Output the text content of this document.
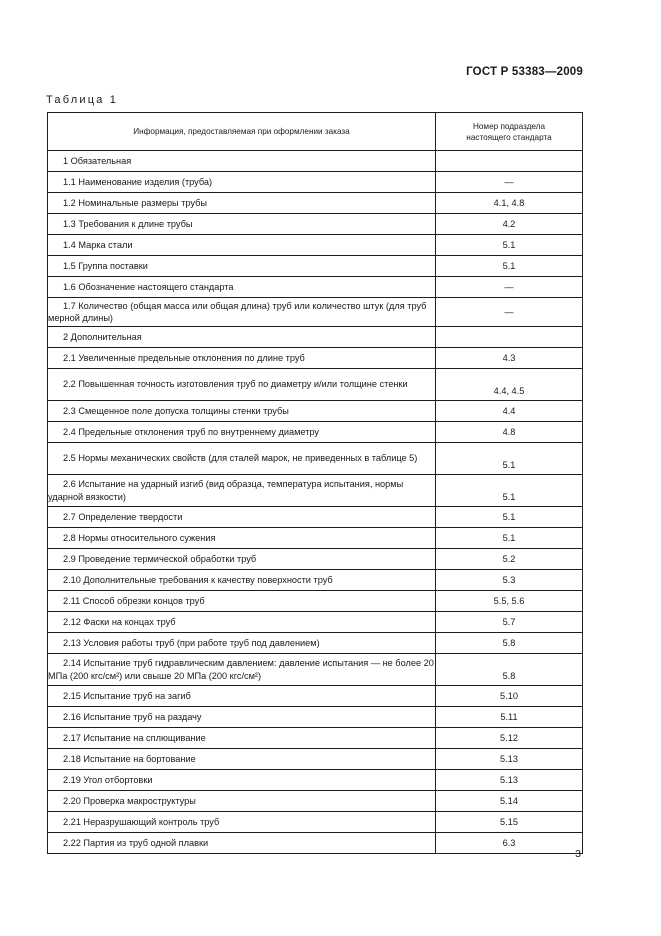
ГОСТ Р 53383—2009
Таблица 1
Информация, предоставляемая при оформлении заказа	Номер подраздела настоящего стандарта
1 Обязательная	
1.1 Наименование изделия (труба)	—
1.2 Номинальные размеры трубы	4.1, 4.8
1.3 Требования к длине трубы	4.2
1.4 Марка стали	5.1
1.5 Группа поставки	5.1
1.6 Обозначение настоящего стандарта	—
1.7 Количество (общая масса или общая длина) труб или количество штук (для труб мерной длины)	—
2 Дополнительная	
2.1 Увеличенные предельные отклонения по длине труб	4.3
2.2 Повышенная точность изготовления труб по диаметру и/или толщине стенки	4.4, 4.5
2.3 Смещенное поле допуска толщины стенки трубы	4.4
2.4 Предельные отклонения труб по внутреннему диаметру	4.8
2.5 Нормы механических свойств (для сталей марок, не приведенных в таблице 5)	5.1
2.6 Испытание на ударный изгиб (вид образца, температура испытания, нормы ударной вязкости)	5.1
2.7 Определение твердости	5.1
2.8 Нормы относительного сужения	5.1
2.9 Проведение термической обработки труб	5.2
2.10 Дополнительные требования к качеству поверхности труб	5.3
2.11 Способ обрезки концов труб	5.5, 5.6
2.12 Фаски на концах труб	5.7
2.13 Условия работы труб (при работе труб под давлением)	5.8
2.14 Испытание труб гидравлическим давлением: давление испытания — не более 20 МПа (200 кгс/см²) или свыше 20 МПа (200 кгс/см²)	5.8
2.15 Испытание труб на загиб	5.10
2.16 Испытание труб на раздачу	5.11
2.17 Испытание на сплющивание	5.12
2.18 Испытание на бортование	5.13
2.19 Угол отбортовки	5.13
2.20 Проверка макроструктуры	5.14
2.21 Неразрушающий контроль труб	5.15
2.22 Партия из труб одной плавки	6.3
3
